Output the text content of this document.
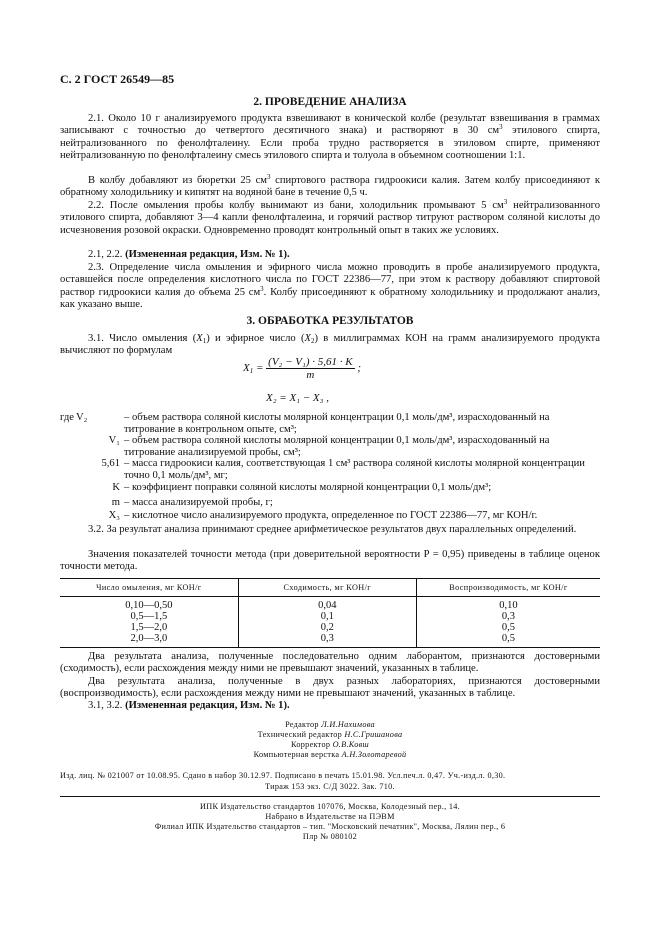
С. 2 ГОСТ 26549—85
2. ПРОВЕДЕНИЕ АНАЛИЗА
2.1. Около 10 г анализируемого продукта взвешивают в конической колбе (результат взвешивания в граммах записывают с точностью до четвертого десятичного знака) и растворяют в 30 $см^3$ этилового спирта, нейтрализованного по фенолфталеину. Если проба трудно растворяется в этиловом спирте, применяют нейтрализованную по фенолфталеину смесь этилового спирта и толуола в объемном соотношении 1:1.
В колбу добавляют из бюретки 25 $см^3$ спиртового раствора гидроокиси калия. Затем колбу присоединяют к обратному холодильнику и кипятят на водяной бане в течение 0,5 ч.
2.2. После омыления пробы колбу вынимают из бани, холодильник промывают 5 $см^3$ нейтрализованного этилового спирта, добавляют 3—4 капли фенолфталеина, и горячий раствор титруют раствором соляной кислоты до исчезновения розовой окраски. Одновременно проводят контрольный опыт в таких же условиях.
2.1, 2.2. (Измененная редакция, Изм. № 1).
2.3. Определение числа омыления и эфирного числа можно проводить в пробе анализируемого продукта, оставшейся после определения кислотного числа по ГОСТ 22386—77, при этом к раствору добавляют спиртовой раствор гидроокиси калия до объема 25 $см^3$. Колбу присоединяют к обратному холодильнику и продолжают анализ, как указано выше.
3. ОБРАБОТКА РЕЗУЛЬТАТОВ
3.1. Число омыления $(X_1)$ и эфирное число $(X_2)$ в миллиграммах КОН на грамм анализируемого продукта вычисляют по формулам
$X_1 = \frac{\text{(V₂ − V₁) · 5,61 · K}}{m}$ ;
X₂ = X₁ − X₃ ,
V₂	– объем раствора соляной кислоты молярной концентрации 0,1 моль/дм³, израсходованный на титрование в контрольном опыте, см³;
где
V₁ – объем раствора соляной кислоты молярной концентрации 0,1 моль/дм³, израсходованный на титрование анализируемой пробы, см³;
5,61 – масса гидроокиси калия, соответствующая 1 см³ раствора соляной кислоты молярной концентрации точно 0,1 моль/дм³, мг;
K – коэффициент поправки соляной кислоты молярной концентрации 0,1 моль/дм³;
m – масса анализируемой пробы, г;
X₃ – кислотное число анализируемого продукта, определенное по ГОСТ 22386—77, мг КОН/г.
3.2. За результат анализа принимают среднее арифметическое результатов двух параллельных определений.
Значения показателей точности метода (при доверительной вероятности P = 0,95) приведены в таблице оценок точности метода.
Число омыления, мг КОН/г	Сходимость, мг КОН/г	Воспроизводимость, мг КОН/г
0,10—0,50	0,04	0,10
0,5—1,5	0,1	0,3
1,5—2,0	0,2	0,5
2,0—3,0	0,3	0,5
Два результата анализа, полученные последовательно одним лаборантом, признаются достоверными (сходимость), если расхождения между ними не превышают значений, указанных в таблице.
Два результата анализа, полученные в двух разных лабораториях, признаются достоверными (воспроизводимость), если расхождения между ними не превышают значений, указанных в таблице.
3.1, 3.2. (Измененная редакция, Изм. № 1).
Редактор Л.И.Нахимова
Технический редактор Н.С.Гришанова
Корректор О.В.Ковш
Компьютерная верстка А.Н.Золотаревой
Изд. лиц. № 021007 от 10.08.95. Сдано в набор 30.12.97. Подписано в печать 15.01.98. Усл.печ.л. 0,47. Уч.-изд.л. 0,30.
Тираж 153 экз. С/Д 3022. Зак. 710.
ИПК Издательство стандартов 107076, Москва, Колодезный пер., 14.
Набрано в Издательстве на ПЭВМ
Филиал ИПК Издательство стандартов – тип. "Московский печатник", Москва, Лялин пер., 6
Плр № 080102
